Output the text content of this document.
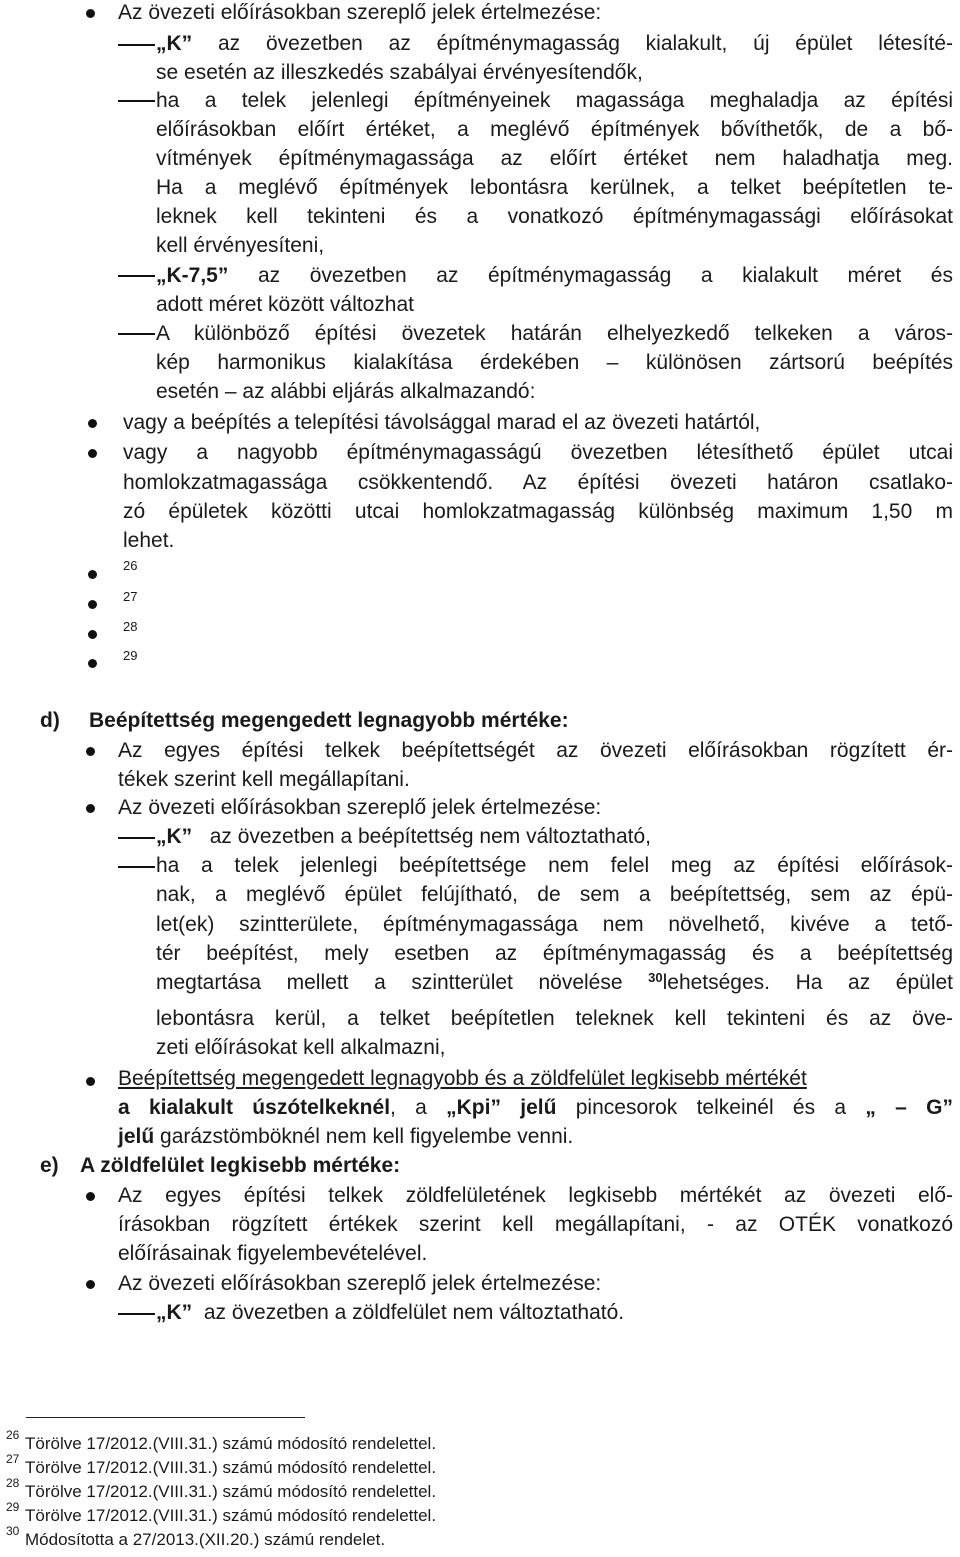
Az övezeti előírásokban szereplő jelek értelmezése:
„K” az övezetben az építménymagasság kialakult, új épület létesíté-
se esetén az illeszkedés szabályai érvényesítendők,
ha a telek jelenlegi építményeinek magassága meghaladja az építési
előírásokban előírt értéket, a meglévő építmények bővíthetők, de a bő-
vítmények építménymagassága az előírt értéket nem haladhatja meg.
Ha a meglévő építmények lebontásra kerülnek, a telket beépítetlen te-
leknek kell tekinteni és a vonatkozó építménymagassági előírásokat
kell érvényesíteni,
„K-7,5” az övezetben az építménymagasság a kialakult méret és
adott méret között változhat
A különböző építési övezetek határán elhelyezkedő telkeken a város-
kép harmonikus kialakítása érdekében – különösen zártsorú beépítés
esetén – az alábbi eljárás alkalmazandó:
vagy a beépítés a telepítési távolsággal marad el az övezeti határtól,
vagy a nagyobb építménymagasságú övezetben létesíthető épület utcai
homlokzatmagassága csökkentendő. Az építési övezeti határon csatlako-
zó épületek közötti utcai homlokzatmagasság különbség maximum 1,50 m
lehet.
26
27
28
29
d) Beépítettség megengedett legnagyobb mértéke:
Az egyes építési telkek beépítettségét az övezeti előírásokban rögzített ér-
tékek szerint kell megállapítani.
Az övezeti előírásokban szereplő jelek értelmezése:
„K” az övezetben a beépítettség nem változtatható,
ha a telek jelenlegi beépítettsége nem felel meg az építési előírások-
nak, a meglévő épület felújítható, de sem a beépítettség, sem az épü-
let(ek) szintterülete, építménymagassága nem növelhető, kivéve a tető-
tér beépítést, mely esetben az építménymagasság és a beépítettség
megtartása mellett a szintterület növelése $^{30}$lehetséges. Ha az épület
lebontásra kerül, a telket beépítetlen teleknek kell tekinteni és az öve-
zeti előírásokat kell alkalmazni,
Beépítettség megengedett legnagyobb és a zöldfelület legkisebb mértékét
a kialakult úszótelkeknél, a „Kpi” jelű pincesorok telkeinél és a „ – G”
jelű garázstömböknél nem kell figyelembe venni.
e) A zöldfelület legkisebb mértéke:
Az egyes építési telkek zöldfelületének legkisebb mértékét az övezeti elő-
írásokban rögzített értékek szerint kell megállapítani, - az OTÉK vonatkozó
előírásainak figyelembevételével.
Az övezeti előírásokban szereplő jelek értelmezése:
„K” az övezetben a zöldfelület nem változtatható.
26 Törölve 17/2012.(VIII.31.) számú módosító rendelettel.
27 Törölve 17/2012.(VIII.31.) számú módosító rendelettel.
28 Törölve 17/2012.(VIII.31.) számú módosító rendelettel.
29 Törölve 17/2012.(VIII.31.) számú módosító rendelettel.
30 Módosította a 27/2013.(XII.20.) számú rendelet.
